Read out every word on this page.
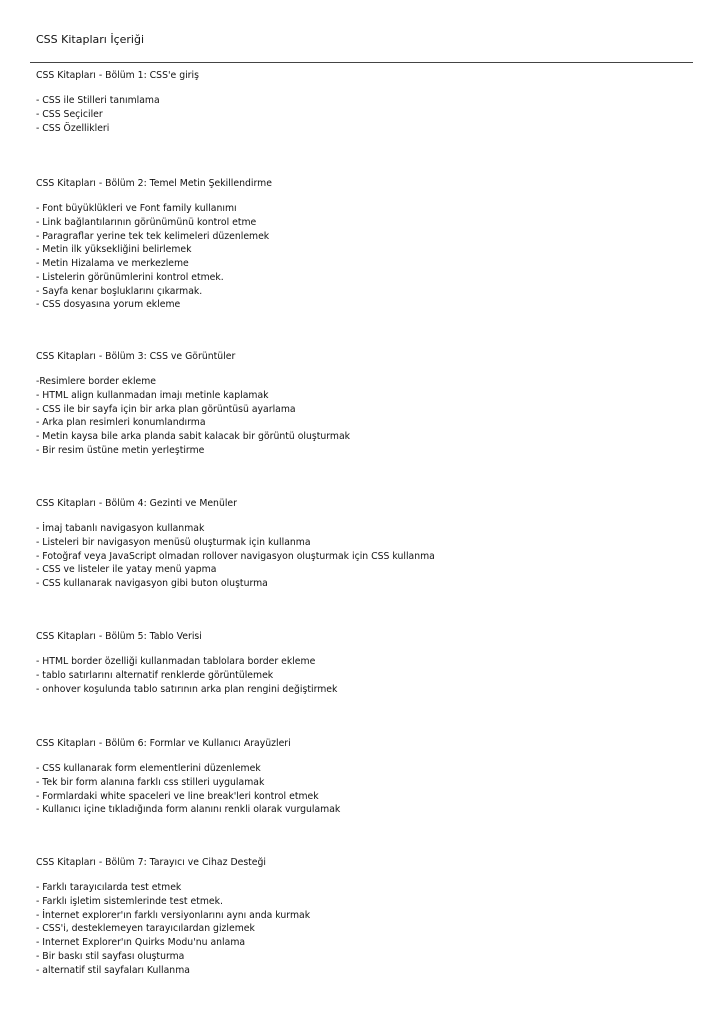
CSS Kitapları İçeriği
CSS Kitapları - Bölüm 1: CSS'e giriş
- CSS ile Stilleri tanımlama
- CSS Seçiciler
- CSS Özellikleri
CSS Kitapları - Bölüm 2: Temel Metin Şekillendirme
- Font büyüklükleri ve Font family kullanımı
- Link bağlantılarının görünümünü kontrol etme
- Paragraflar yerine tek tek kelimeleri düzenlemek
- Metin ilk yüksekliğini belirlemek
- Metin Hizalama ve merkezleme
- Listelerin görünümlerini kontrol etmek.
- Sayfa kenar boşluklarını çıkarmak.
- CSS dosyasına yorum ekleme
CSS Kitapları - Bölüm 3: CSS ve Görüntüler
-Resimlere border ekleme
- HTML align kullanmadan imajı metinle kaplamak
- CSS ile bir sayfa için bir arka plan görüntüsü ayarlama
- Arka plan resimleri konumlandırma
- Metin kaysa bile arka planda sabit kalacak bir görüntü oluşturmak
- Bir resim üstüne metin yerleştirme
CSS Kitapları - Bölüm 4: Gezinti ve Menüler
- İmaj tabanlı navigasyon kullanmak
- Listeleri bir navigasyon menüsü oluşturmak için kullanma
- Fotoğraf veya JavaScript olmadan rollover navigasyon oluşturmak için CSS kullanma
- CSS ve listeler ile yatay menü yapma
- CSS kullanarak navigasyon gibi buton oluşturma
CSS Kitapları - Bölüm 5: Tablo Verisi
- HTML border özelliği kullanmadan tablolara border ekleme
- tablo satırlarını alternatif renklerde görüntülemek
- onhover koşulunda tablo satırının arka plan rengini değiştirmek
CSS Kitapları - Bölüm 6: Formlar ve Kullanıcı Arayüzleri
- CSS kullanarak form elementlerini düzenlemek
- Tek bir form alanına farklı css stilleri uygulamak
- Formlardaki white spaceleri ve line break'leri kontrol etmek
- Kullanıcı içine tıkladığında form alanını renkli olarak vurgulamak
CSS Kitapları - Bölüm 7: Tarayıcı ve Cihaz Desteği
- Farklı tarayıcılarda test etmek
- Farklı işletim sistemlerinde test etmek.
- İnternet explorer'ın farklı versiyonlarını aynı anda kurmak
- CSS'i, desteklemeyen tarayıcılardan gizlemek
- Internet Explorer'ın Quirks Modu'nu anlama
- Bir baskı stil sayfası oluşturma
- alternatif stil sayfaları Kullanma
